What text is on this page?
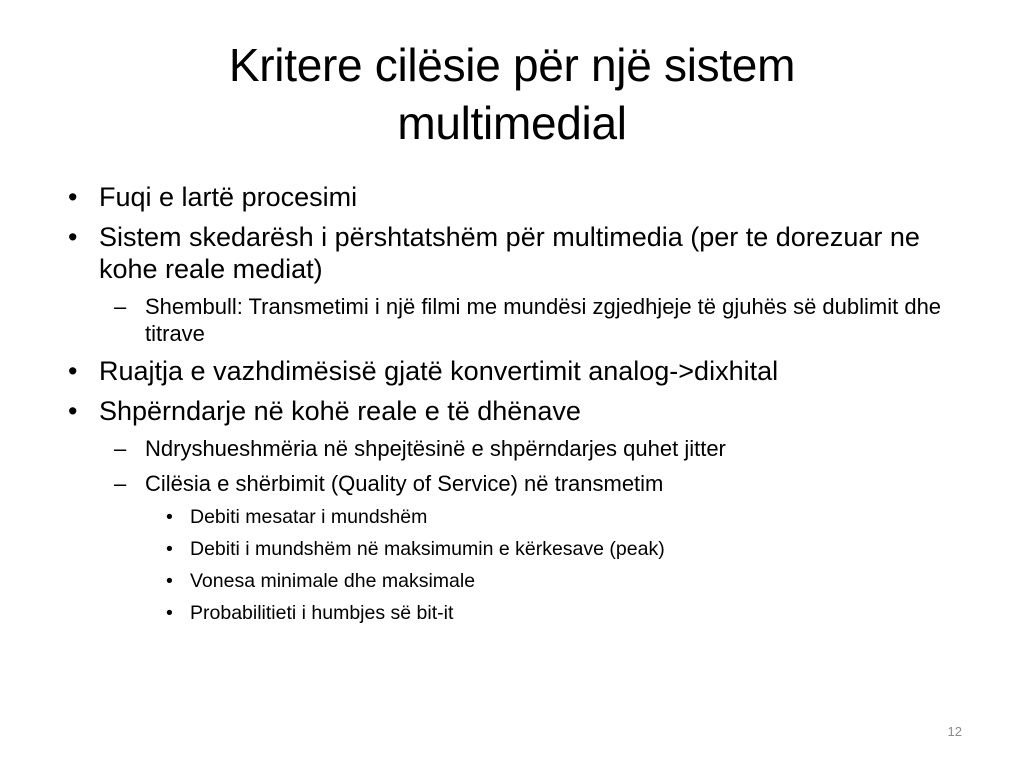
Kritere cilësie për një sistem
multimedial
• Fuqi e lartë procesimi
• Sistem skedarësh i përshtatshëm për multimedia (per te dorezuar ne kohe reale mediat)
– Shembull: Transmetimi i një filmi me mundësi zgjedhjeje të gjuhës së dublimit dhe titrave
• Ruajtja e vazhdimësisë gjatë konvertimit analog->dixhital
• Shpërndarje në kohë reale e të dhënave
– Ndryshueshmëria në shpejtësinë e shpërndarjes quhet jitter
– Cilësia e shërbimit (Quality of Service) në transmetim
• Debiti mesatar i mundshëm
• Debiti i mundshëm në maksimumin e kërkesave (peak)
• Vonesa minimale dhe maksimale
• Probabilitieti i humbjes së bit-it
12
